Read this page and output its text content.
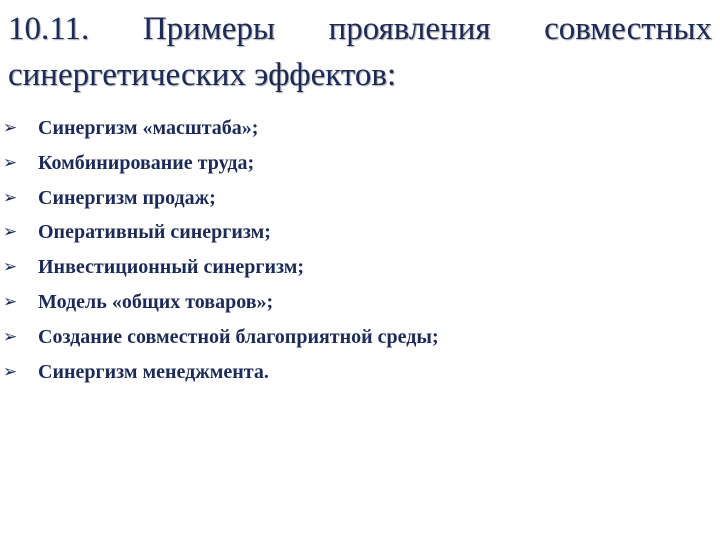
10.11. Примеры проявления совместных
синергетических эффектов:
➢	Синергизм «масштаба»;
➢	Комбинирование труда;
➢	Синергизм продаж;
➢	Оперативный синергизм;
➢	Инвестиционный синергизм;
➢	Модель «общих товаров»;
➢	Создание совместной благоприятной среды;
➢	Синергизм менеджмента.
